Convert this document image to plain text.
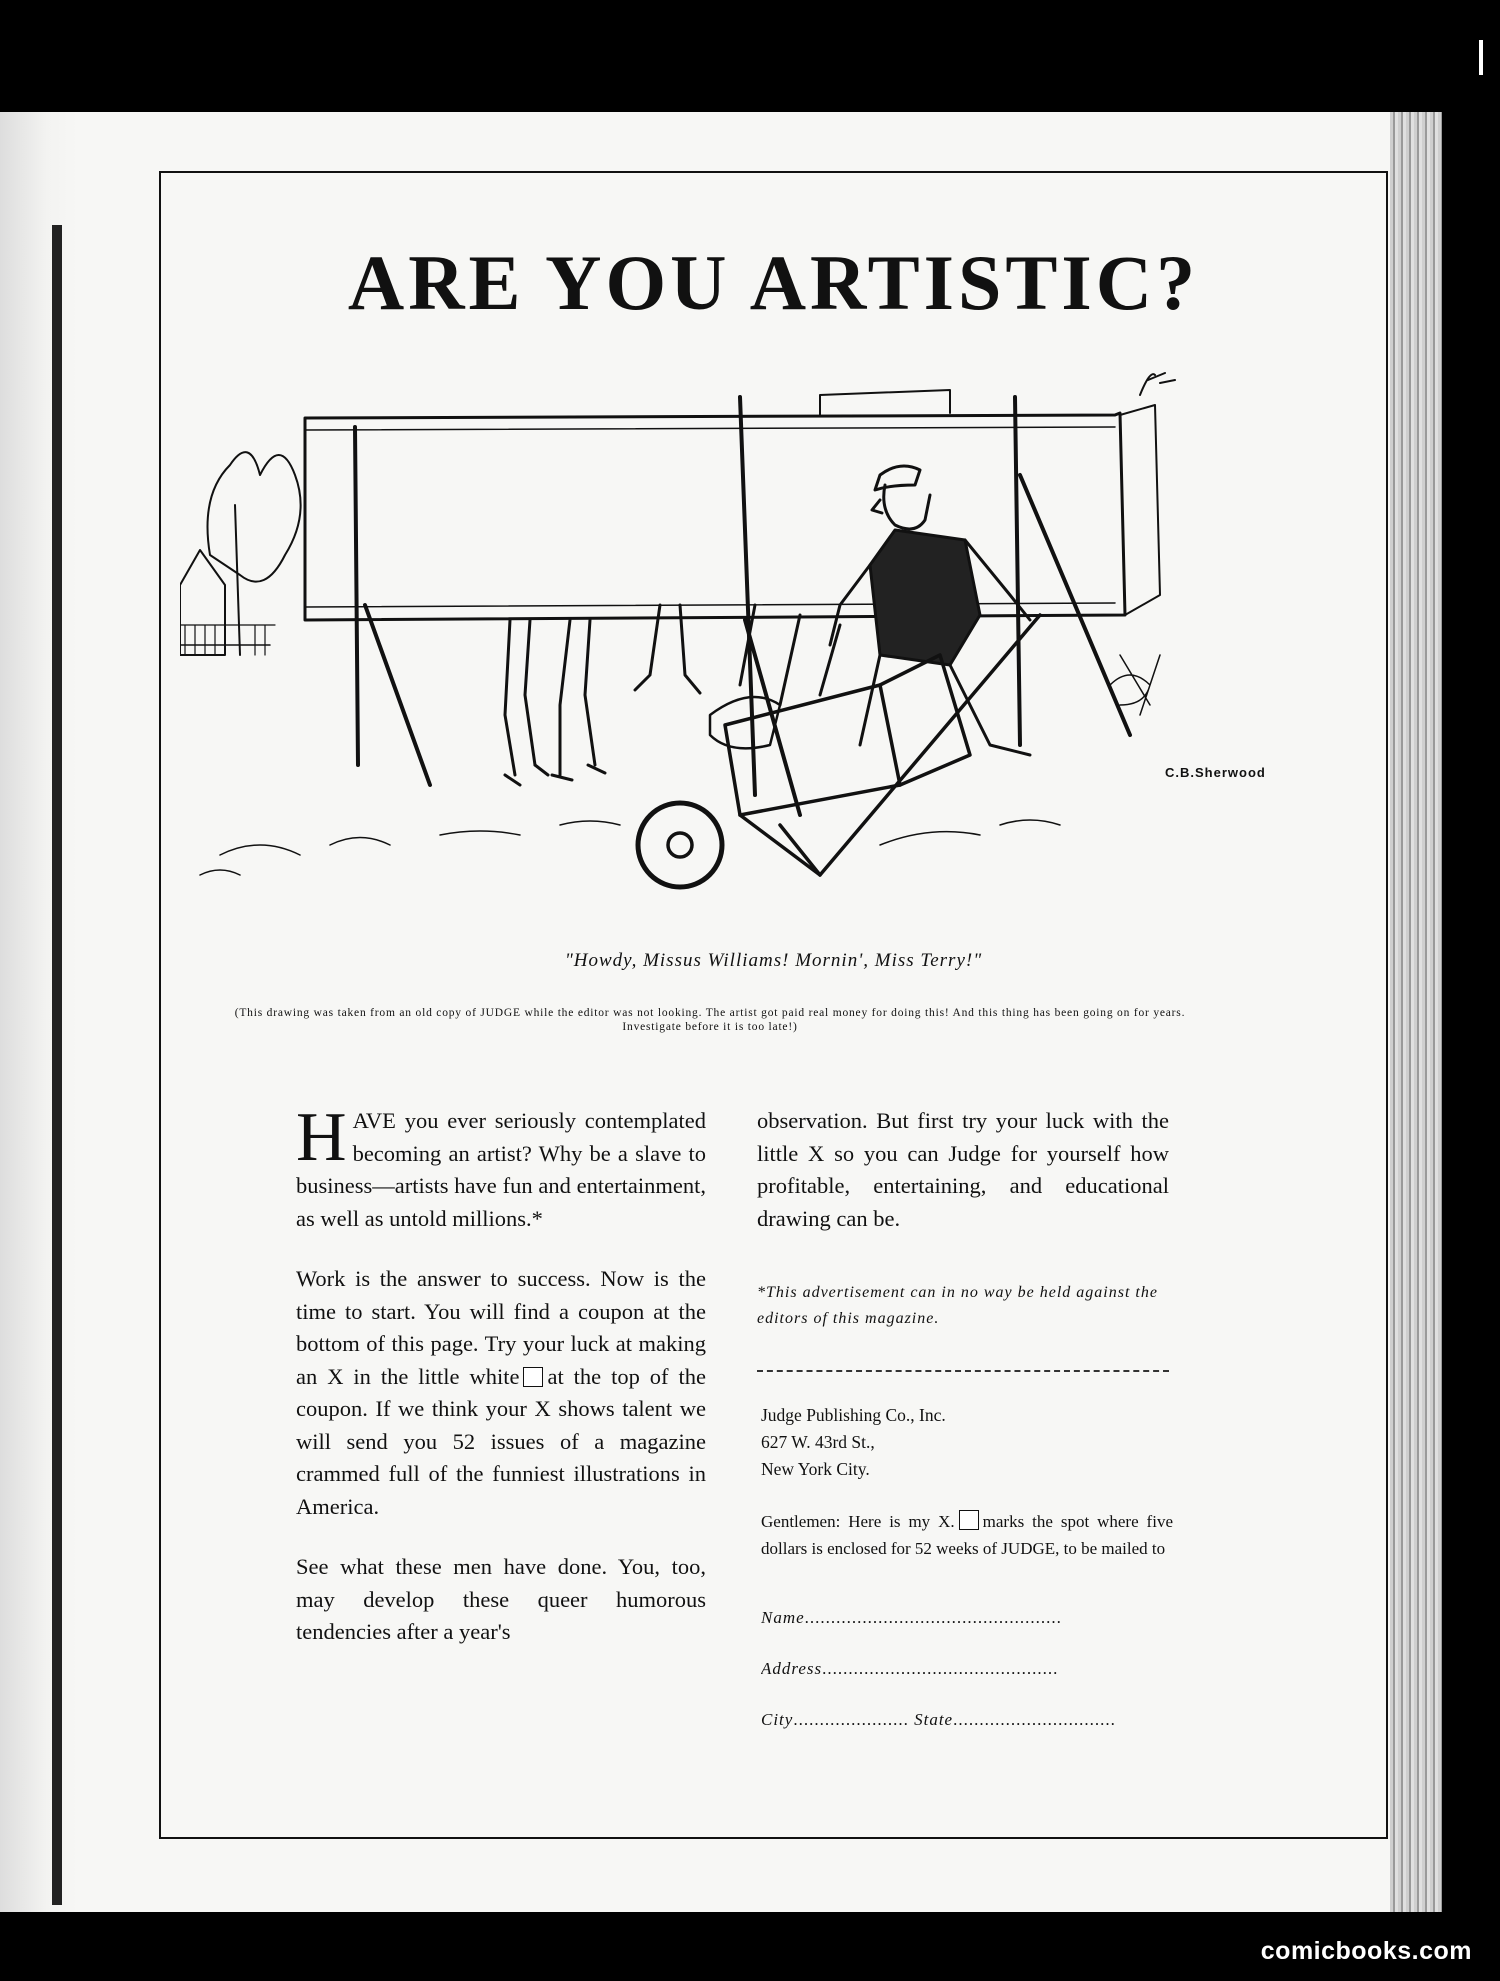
ARE YOU ARTISTIC?
C.B.Sherwood
"Howdy, Missus Williams! Mornin', Miss Terry!"
(This drawing was taken from an old copy of JUDGE while the editor was not looking. The artist got paid real money for doing this! And this thing has been going on for years. Investigate before it is too late!)

HAVE you ever seriously contemplated becoming an artist? Why be a slave to business—artists have fun and entertainment, as well as untold millions.*

Work is the answer to success. Now is the time to start. You will find a coupon at the bottom of this page. Try your luck at making an X in the little white at the top of the coupon. If we think your X shows talent we will send you 52 issues of a magazine crammed full of the funniest illustrations in America.

See what these men have done. You, too, may develop these queer humorous tendencies after a year's

observation. But first try your luck with the little X so you can Judge for yourself how profitable, entertaining, and educational drawing can be.

*This advertisement can in no way be held against the editors of this magazine.
Judge Publishing Co., Inc.
627 W. 43rd St.,
New York City.
Gentlemen: Here is my X. marks the spot where five dollars is enclosed for 52 weeks of JUDGE, to be mailed to
Name.................................................
Address.............................................
City...................... State...............................
comicbooks.com
